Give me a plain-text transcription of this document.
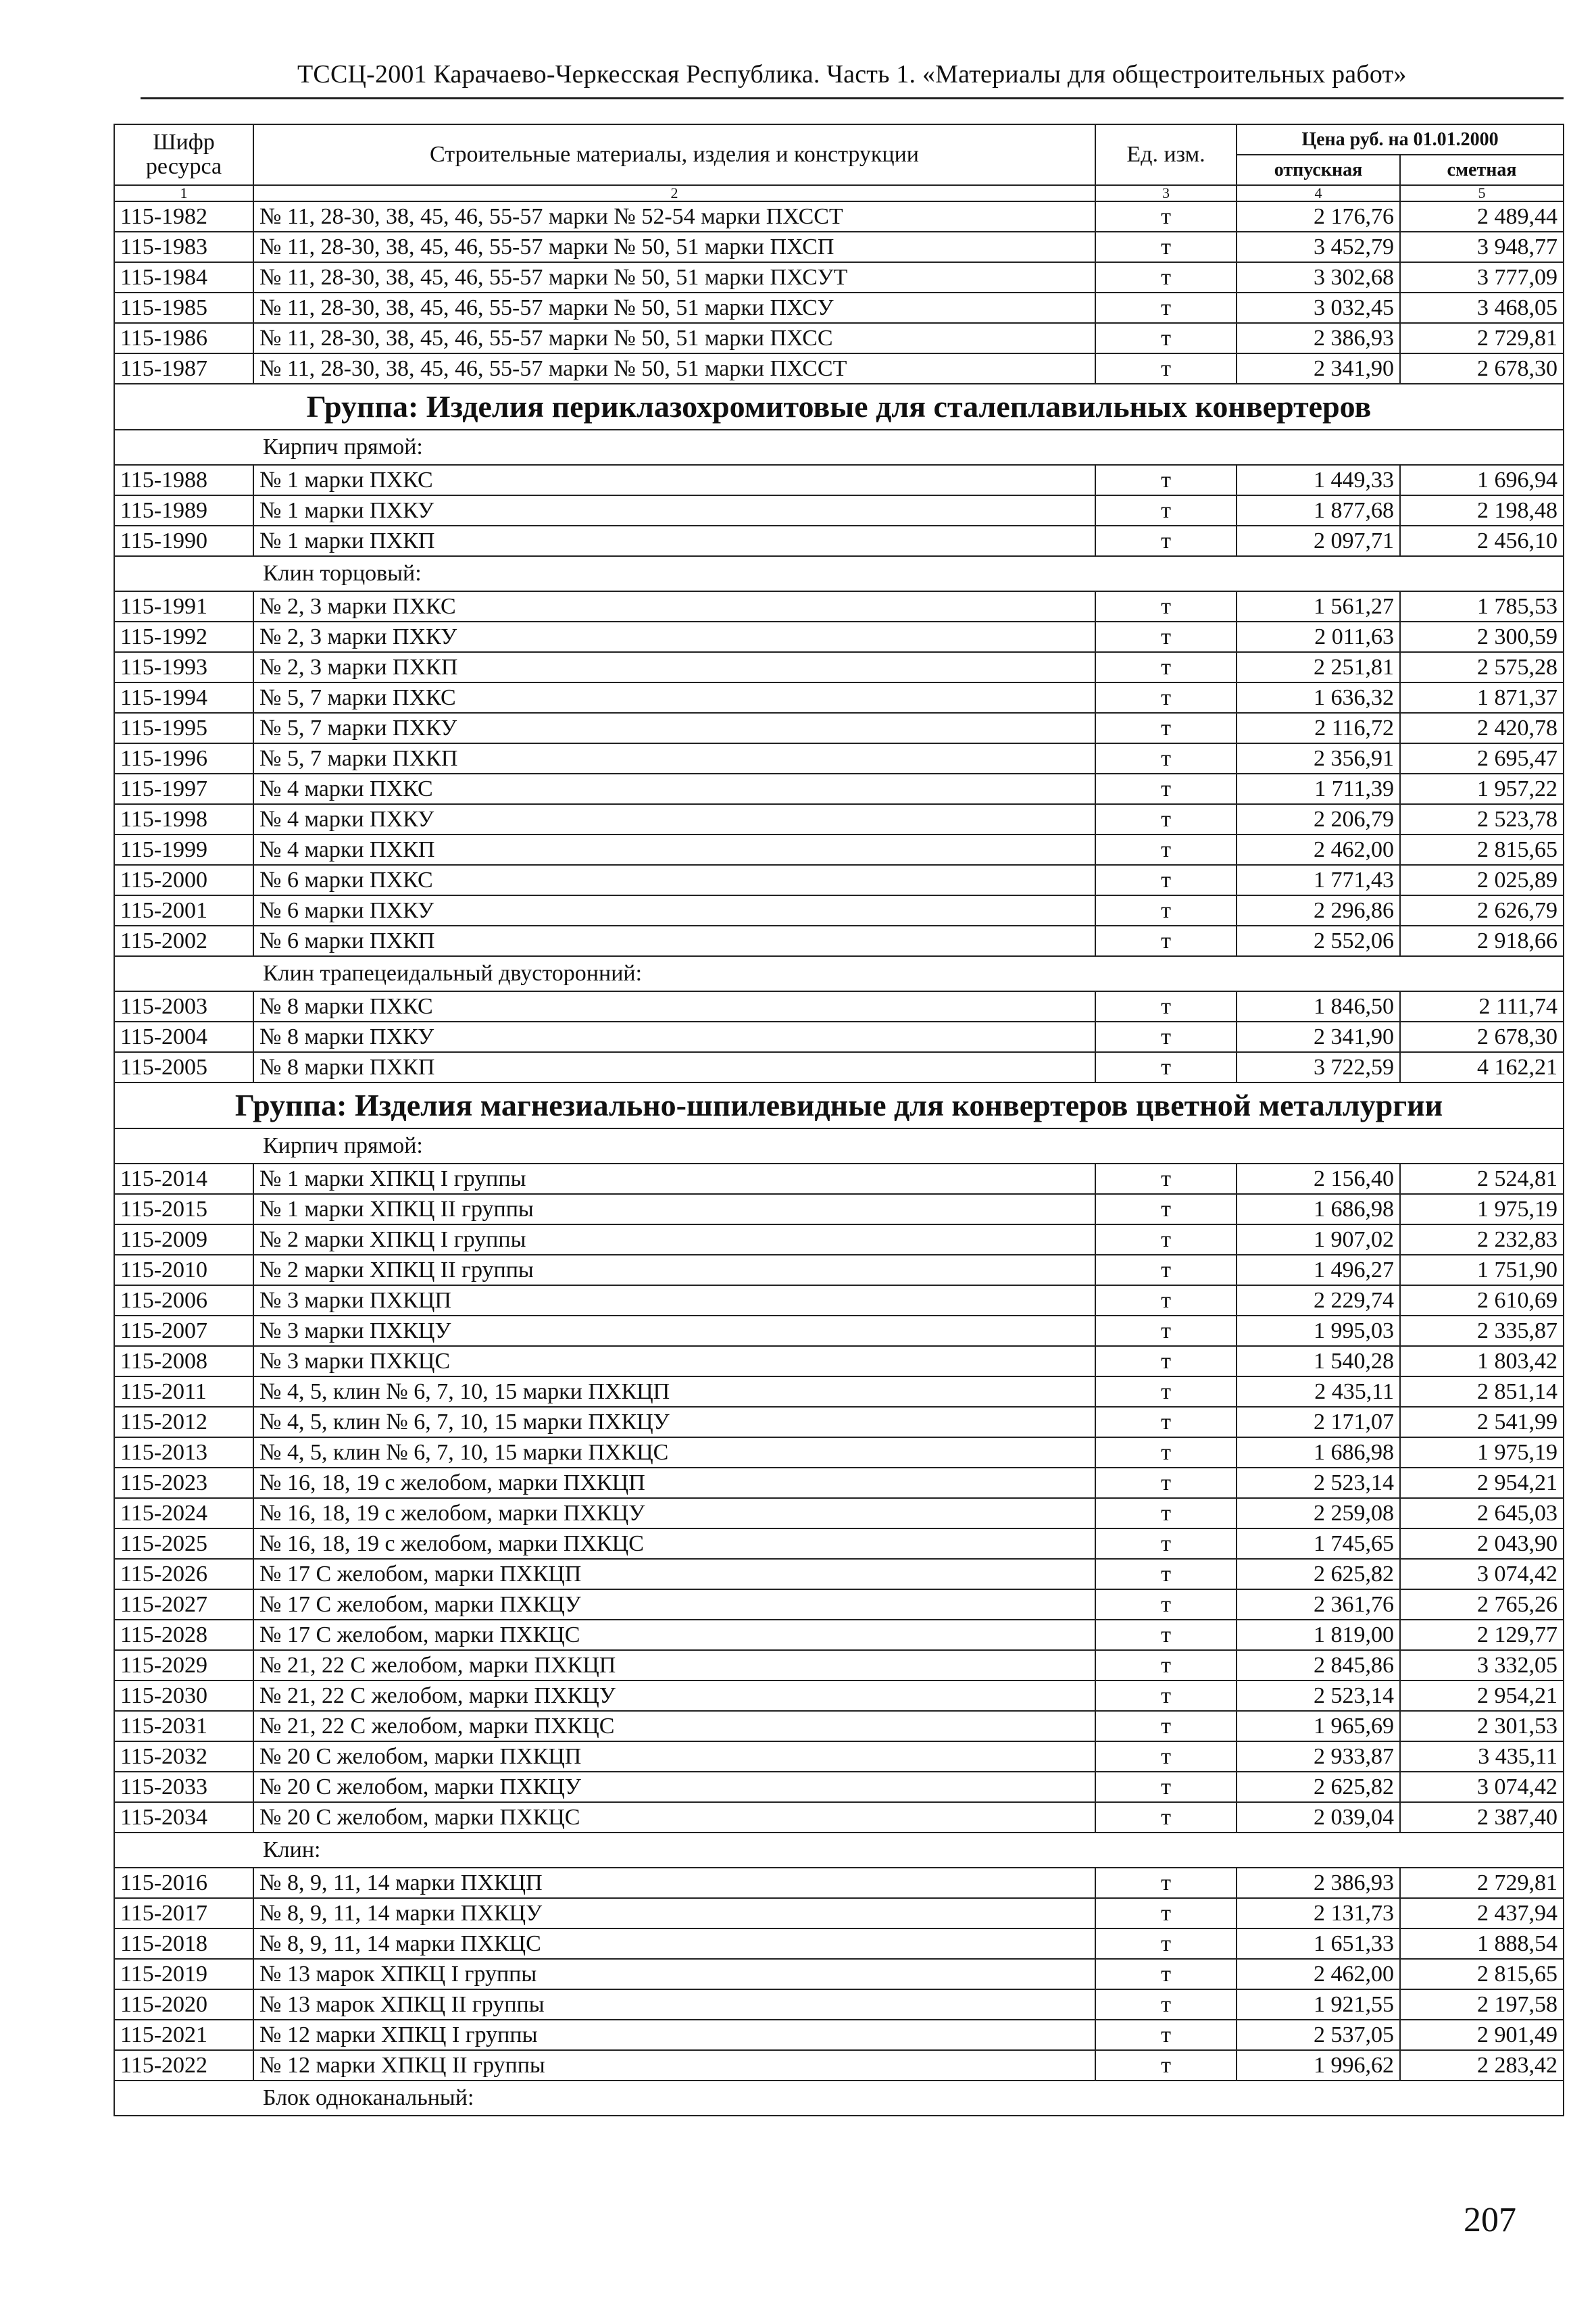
ТССЦ-2001 Карачаево-Черкесская Республика. Часть 1. «Материалы для общестроительных работ»
Шифр ресурса	Строительные материалы, изделия и конструкции	Ед. изм.	Цена руб. на 01.01.2000	
			отпускная	сметная
1	2	3	4	5
115-1982	№ 11, 28-30, 38, 45, 46, 55-57 марки № 52-54 марки ПХССТ	т	2 176,76	2 489,44
115-1983	№ 11, 28-30, 38, 45, 46, 55-57 марки № 50, 51 марки ПХСП	т	3 452,79	3 948,77
115-1984	№ 11, 28-30, 38, 45, 46, 55-57 марки № 50, 51 марки ПХСУТ	т	3 302,68	3 777,09
115-1985	№ 11, 28-30, 38, 45, 46, 55-57 марки № 50, 51 марки ПХСУ	т	3 032,45	3 468,05
115-1986	№ 11, 28-30, 38, 45, 46, 55-57 марки № 50, 51 марки ПХСС	т	2 386,93	2 729,81
115-1987	№ 11, 28-30, 38, 45, 46, 55-57 марки № 50, 51 марки ПХССТ	т	2 341,90	2 678,30
Группа: Изделия периклазохромитовые для сталеплавильных конвертеров				
	Кирпич прямой:			
115-1988	№ 1 марки ПХКС	т	1 449,33	1 696,94
115-1989	№ 1 марки ПХКУ	т	1 877,68	2 198,48
115-1990	№ 1 марки ПХКП	т	2 097,71	2 456,10
	Клин торцовый:			
115-1991	№ 2, 3 марки ПХКС	т	1 561,27	1 785,53
115-1992	№ 2, 3 марки ПХКУ	т	2 011,63	2 300,59
115-1993	№ 2, 3 марки ПХКП	т	2 251,81	2 575,28
115-1994	№ 5, 7 марки ПХКС	т	1 636,32	1 871,37
115-1995	№ 5, 7 марки ПХКУ	т	2 116,72	2 420,78
115-1996	№ 5, 7 марки ПХКП	т	2 356,91	2 695,47
115-1997	№ 4 марки ПХКС	т	1 711,39	1 957,22
115-1998	№ 4 марки ПХКУ	т	2 206,79	2 523,78
115-1999	№ 4 марки ПХКП	т	2 462,00	2 815,65
115-2000	№ 6 марки ПХКС	т	1 771,43	2 025,89
115-2001	№ 6 марки ПХКУ	т	2 296,86	2 626,79
115-2002	№ 6 марки ПХКП	т	2 552,06	2 918,66
	Клин трапецеидальный двусторонний:			
115-2003	№ 8 марки ПХКС	т	1 846,50	2 111,74
115-2004	№ 8 марки ПХКУ	т	2 341,90	2 678,30
115-2005	№ 8 марки ПХКП	т	3 722,59	4 162,21
Группа: Изделия магнезиально-шпилевидные для конвертеров цветной металлургии				
	Кирпич прямой:			
115-2014	№ 1 марки ХПКЦ I группы	т	2 156,40	2 524,81
115-2015	№ 1 марки ХПКЦ II группы	т	1 686,98	1 975,19
115-2009	№ 2 марки ХПКЦ I группы	т	1 907,02	2 232,83
115-2010	№ 2 марки ХПКЦ II группы	т	1 496,27	1 751,90
115-2006	№ 3 марки ПХКЦП	т	2 229,74	2 610,69
115-2007	№ 3 марки ПХКЦУ	т	1 995,03	2 335,87
115-2008	№ 3 марки ПХКЦС	т	1 540,28	1 803,42
115-2011	№ 4, 5, клин № 6, 7, 10, 15 марки ПХКЦП	т	2 435,11	2 851,14
115-2012	№ 4, 5, клин № 6, 7, 10, 15 марки ПХКЦУ	т	2 171,07	2 541,99
115-2013	№ 4, 5, клин № 6, 7, 10, 15 марки ПХКЦС	т	1 686,98	1 975,19
115-2023	№ 16, 18, 19 с желобом, марки ПХКЦП	т	2 523,14	2 954,21
115-2024	№ 16, 18, 19 с желобом, марки ПХКЦУ	т	2 259,08	2 645,03
115-2025	№ 16, 18, 19 с желобом, марки ПХКЦС	т	1 745,65	2 043,90
115-2026	№ 17 С желобом, марки ПХКЦП	т	2 625,82	3 074,42
115-2027	№ 17 С желобом, марки ПХКЦУ	т	2 361,76	2 765,26
115-2028	№ 17 С желобом, марки ПХКЦС	т	1 819,00	2 129,77
115-2029	№ 21, 22 С желобом, марки ПХКЦП	т	2 845,86	3 332,05
115-2030	№ 21, 22 С желобом, марки ПХКЦУ	т	2 523,14	2 954,21
115-2031	№ 21, 22 С желобом, марки ПХКЦС	т	1 965,69	2 301,53
115-2032	№ 20 С желобом, марки ПХКЦП	т	2 933,87	3 435,11
115-2033	№ 20 С желобом, марки ПХКЦУ	т	2 625,82	3 074,42
115-2034	№ 20 С желобом, марки ПХКЦС	т	2 039,04	2 387,40
	Клин:			
115-2016	№ 8, 9, 11, 14 марки ПХКЦП	т	2 386,93	2 729,81
115-2017	№ 8, 9, 11, 14 марки ПХКЦУ	т	2 131,73	2 437,94
115-2018	№ 8, 9, 11, 14 марки ПХКЦС	т	1 651,33	1 888,54
115-2019	№ 13 марок ХПКЦ I группы	т	2 462,00	2 815,65
115-2020	№ 13 марок ХПКЦ II группы	т	1 921,55	2 197,58
115-2021	№ 12 марки ХПКЦ I группы	т	2 537,05	2 901,49
115-2022	№ 12 марки ХПКЦ II группы	т	1 996,62	2 283,42
	Блок одноканальный:			
207
